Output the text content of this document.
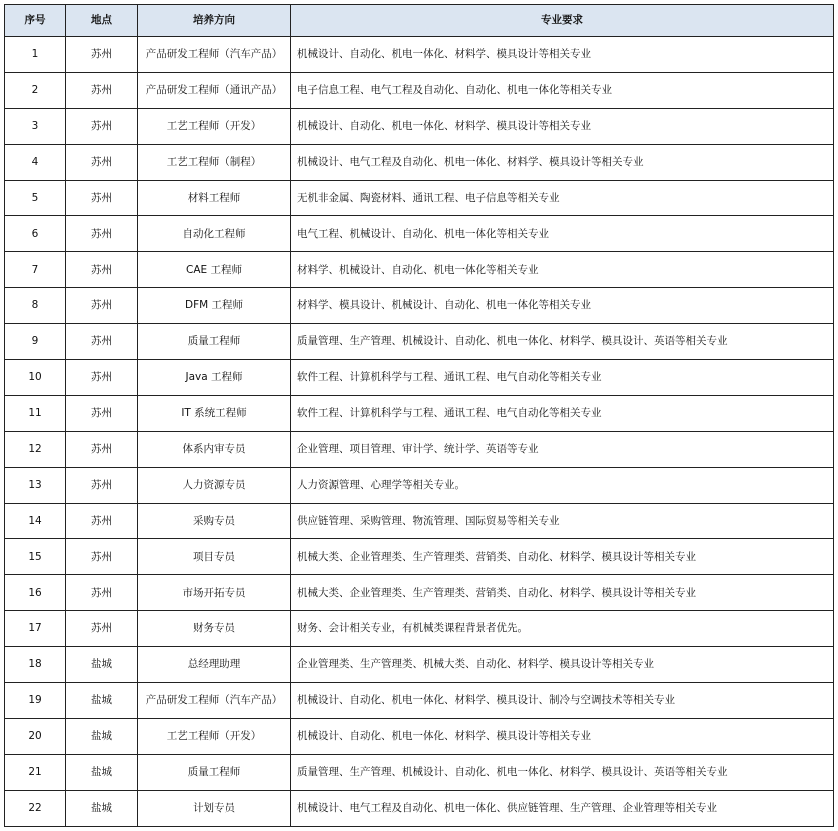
序号	地点	培养方向	专业要求
1	苏州	产品研发工程师（汽车产品）	机械设计、自动化、机电一体化、材料学、模具设计等相关专业
2	苏州	产品研发工程师（通讯产品）	电子信息工程、电气工程及自动化、自动化、机电一体化等相关专业
3	苏州	工艺工程师（开发）	机械设计、自动化、机电一体化、材料学、模具设计等相关专业
4	苏州	工艺工程师（制程）	机械设计、电气工程及自动化、机电一体化、材料学、模具设计等相关专业
5	苏州	材料工程师	无机非金属、陶瓷材料、通讯工程、电子信息等相关专业
6	苏州	自动化工程师	电气工程、机械设计、自动化、机电一体化等相关专业
7	苏州	CAE 工程师	材料学、机械设计、自动化、机电一体化等相关专业
8	苏州	DFM 工程师	材料学、模具设计、机械设计、自动化、机电一体化等相关专业
9	苏州	质量工程师	质量管理、生产管理、机械设计、自动化、机电一体化、材料学、模具设计、英语等相关专业
10	苏州	Java 工程师	软件工程、计算机科学与工程、通讯工程、电气自动化等相关专业
11	苏州	IT 系统工程师	软件工程、计算机科学与工程、通讯工程、电气自动化等相关专业
12	苏州	体系内审专员	企业管理、项目管理、审计学、统计学、英语等专业
13	苏州	人力资源专员	人力资源管理、心理学等相关专业。
14	苏州	采购专员	供应链管理、采购管理、物流管理、国际贸易等相关专业
15	苏州	项目专员	机械大类、企业管理类、生产管理类、营销类、自动化、材料学、模具设计等相关专业
16	苏州	市场开拓专员	机械大类、企业管理类、生产管理类、营销类、自动化、材料学、模具设计等相关专业
17	苏州	财务专员	财务、会计相关专业，有机械类课程背景者优先。
18	盐城	总经理助理	企业管理类、生产管理类、机械大类、自动化、材料学、模具设计等相关专业
19	盐城	产品研发工程师（汽车产品）	机械设计、自动化、机电一体化、材料学、模具设计、制冷与空调技术等相关专业
20	盐城	工艺工程师（开发）	机械设计、自动化、机电一体化、材料学、模具设计等相关专业
21	盐城	质量工程师	质量管理、生产管理、机械设计、自动化、机电一体化、材料学、模具设计、英语等相关专业
22	盐城	计划专员	机械设计、电气工程及自动化、机电一体化、供应链管理、生产管理、企业管理等相关专业
